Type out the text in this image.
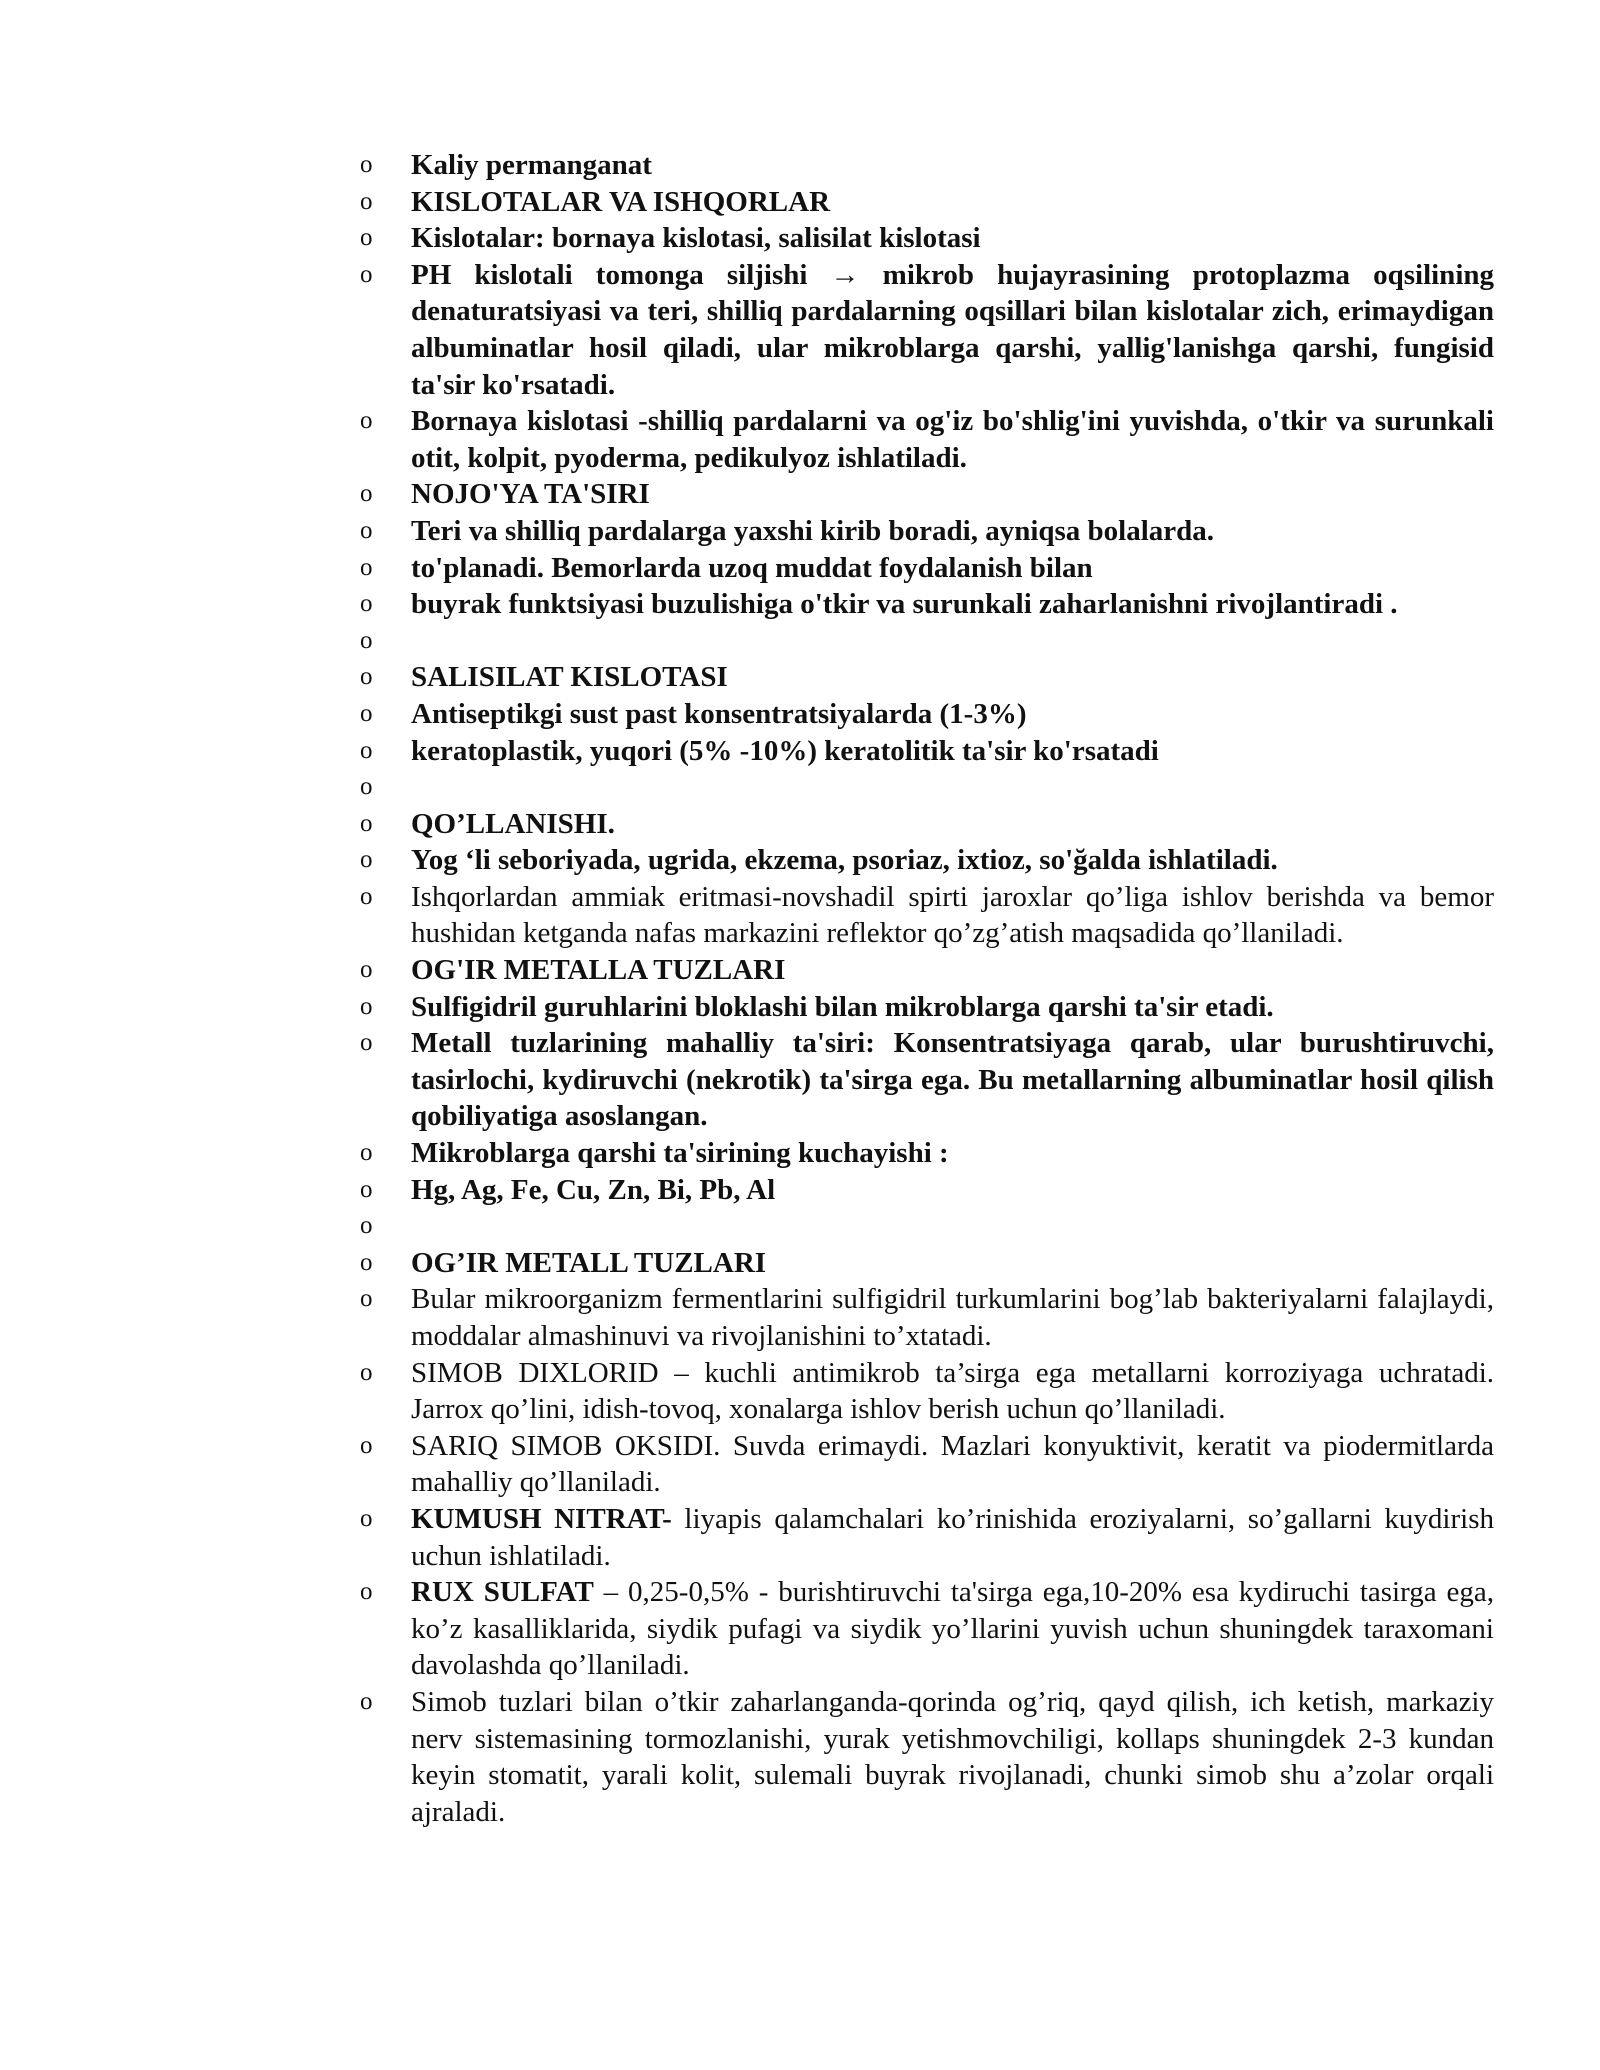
o Kaliy permanganat
o KISLOTALAR VA ISHQORLAR
o Kislotalar: bornaya kislotasi, salisilat kislotasi
o PH kislotali tomonga siljishi → mikrob hujayrasining protoplazma oqsilining denaturatsiyasi va teri, shilliq pardalarning oqsillari bilan kislotalar zich, erimaydigan albuminatlar hosil qiladi, ular mikroblarga qarshi, yallig'lanishga qarshi, fungisid ta'sir ko'rsatadi.
o Bornaya kislotasi -shilliq pardalarni va og'iz bo'shlig'ini yuvishda, o'tkir va surunkali otit, kolpit, pyoderma, pedikulyoz ishlatiladi.
o NOJO'YA TA'SIRI
o Teri va shilliq pardalarga yaxshi kirib boradi, ayniqsa bolalarda.
o to'planadi. Bemorlarda uzoq muddat foydalanish bilan
o buyrak funktsiyasi buzulishiga o'tkir va surunkali zaharlanishni rivojlantiradi .
o
o SALISILAT KISLOTASI
o Antiseptikgi sust past konsentratsiyalarda (1-3%)
o keratoplastik, yuqori (5% -10%) keratolitik ta'sir ko'rsatadi
o
o QO’LLANISHI.
o Yog ‘li seboriyada, ugrida, ekzema, psoriaz, ixtioz, so'ğalda ishlatiladi.
o Ishqorlardan ammiak eritmasi-novshadil spirti jaroxlar qo’liga ishlov berishda va bemor hushidan ketganda nafas markazini reflektor qo’zg’atish maqsadida qo’llaniladi.
o OG'IR METALLA TUZLARI
o Sulfigidril guruhlarini bloklashi bilan mikroblarga qarshi ta'sir etadi.
o Metall tuzlarining mahalliy ta'siri: Konsentratsiyaga qarab, ular burushtiruvchi, tasirlochi, kydiruvchi (nekrotik) ta'sirga ega. Bu metallarning albuminatlar hosil qilish qobiliyatiga asoslangan.
o Mikroblarga qarshi ta'sirining kuchayishi :
o Hg, Ag, Fe, Cu, Zn, Bi, Pb, Al
o
o OG’IR METALL TUZLARI
o Bular mikroorganizm fermentlarini sulfigidril turkumlarini bog’lab bakteriyalarni falajlaydi, moddalar almashinuvi va rivojlanishini to’xtatadi.
o SIMOB DIXLORID – kuchli antimikrob ta’sirga ega metallarni korroziyaga uchratadi. Jarrox qo’lini, idish-tovoq, xonalarga ishlov berish uchun qo’llaniladi.
o SARIQ SIMOB OKSIDI. Suvda erimaydi. Mazlari konyuktivit, keratit va piodermitlarda mahalliy qo’llaniladi.
o KUMUSH NITRAT- liyapis qalamchalari ko’rinishida eroziyalarni, so’gallarni kuydirish uchun ishlatiladi.
o RUX SULFAT – 0,25-0,5% - burishtiruvchi ta'sirga ega,10-20% esa kydiruchi tasirga ega, ko’z kasalliklarida, siydik pufagi va siydik yo’llarini yuvish uchun shuningdek taraxomani davolashda qo’llaniladi.
o Simob tuzlari bilan o’tkir zaharlanganda-qorinda og’riq, qayd qilish, ich ketish, markaziy nerv sistemasining tormozlanishi, yurak yetishmovchiligi, kollaps shuningdek 2-3 kundan keyin stomatit, yarali kolit, sulemali buyrak rivojlanadi, chunki simob shu a’zolar orqali ajraladi.
